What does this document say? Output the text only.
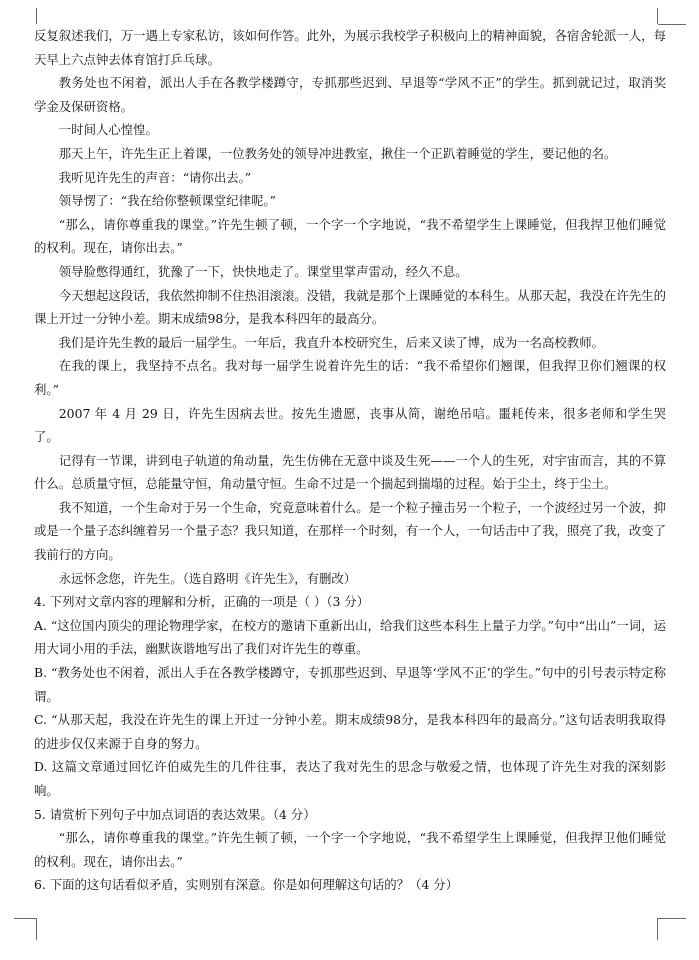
反复叙述我们，万一遇上专家私访，该如何作答。此外，为展示我校学子积极向上的精神面貌，各宿舍轮派一人，每天早上六点钟去体育馆打乒乓球。

教务处也不闲着，派出人手在各教学楼蹲守，专抓那些迟到、早退等“学风不正”的学生。抓到就记过，取消奖学金及保研资格。

一时间人心惶惶。

那天上午，许先生正上着课，一位教务处的领导冲进教室，揪住一个正趴着睡觉的学生，要记他的名。

我听见许先生的声音：“请你出去。”

领导愣了：“我在给你整顿课堂纪律呢。”

“那么，请你尊重我的课堂。”许先生顿了顿，一个字一个字地说，“我不希望学生上课睡觉，但我捍卫他们睡觉的权利。现在，请你出去。”

领导脸憋得通红，犹豫了一下，快快地走了。课堂里掌声雷动，经久不息。

今天想起这段话，我依然抑制不住热泪滚滚。没错，我就是那个上课睡觉的本科生。从那天起，我没在许先生的课上开过一分钟小差。期末成绩98分，是我本科四年的最高分。

我们是许先生教的最后一届学生。一年后，我直升本校研究生，后来又读了博，成为一名高校教师。

在我的课上，我坚持不点名。我对每一届学生说着许先生的话：“我不希望你们翘课，但我捍卫你们翘课的权利。”

2007 年 4 月 29 日，许先生因病去世。按先生遗愿，丧事从简，谢绝吊唁。噩耗传来，很多老师和学生哭了。

记得有一节课，讲到电子轨道的角动量，先生仿佛在无意中谈及生死——一个人的生死，对宇宙而言，其的不算什么。总质量守恒，总能量守恒，角动量守恒。生命不过是一个揣起到揣塌的过程。始于尘土，终于尘土。

我不知道，一个生命对于另一个生命，究竟意味着什么。是一个粒子撞击另一个粒子，一个波经过另一个波，抑或是一个量子态纠缠着另一个量子态？我只知道，在那样一个时刻，有一个人，一句话击中了我，照亮了我，改变了我前行的方向。

永远怀念您，许先生。（选自路明《许先生》，有删改）

4. 下列对文章内容的理解和分析，正确的一项是（ ）（3 分）

A. “这位国内顶尖的理论物理学家，在校方的邀请下重新出山，给我们这些本科生上量子力学。”句中“出山”一词，运用大词小用的手法，幽默诙谐地写出了我们对许先生的尊重。

B. “教务处也不闲着，派出人手在各教学楼蹲守，专抓那些迟到、早退等‘学风不正’的学生。”句中的引号表示特定称谓。

C. “从那天起，我没在许先生的课上开过一分钟小差。期末成绩98分，是我本科四年的最高分。”这句话表明我取得的进步仅仅来源于自身的努力。

D. 这篇文章通过回忆许伯威先生的几件往事，表达了我对先生的思念与敬爱之情，也体现了许先生对我的深刻影响。

5. 请赏析下列句子中加点词语的表达效果。（4 分）

“那么，请你尊重我的课堂。”许先生顿了顿，一个字一个字地说，“我不希望学生上课睡觉，但我捍卫他们睡觉的权利。现在，请你出去。”

6. 下面的这句话看似矛盾，实则别有深意。你是如何理解这句话的？（4 分）
